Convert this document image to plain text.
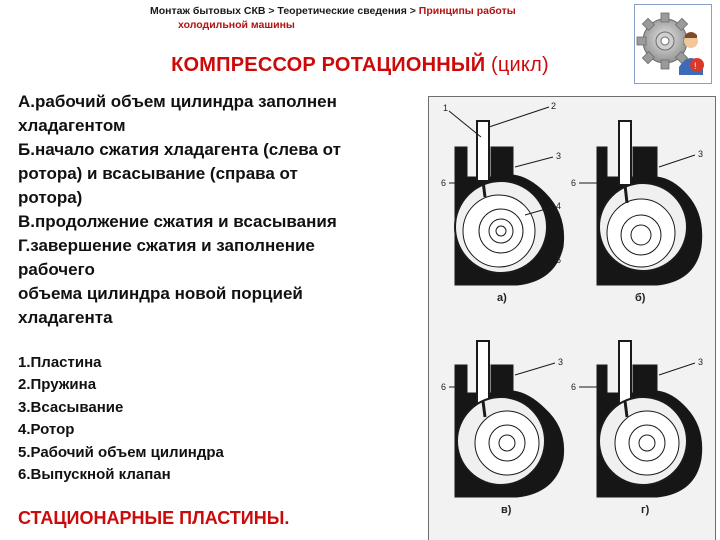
Монтаж бытовых СКВ > Теоретические сведения > Принципы работы
холодильной машины
!
КОМПРЕССОР РОТАЦИОННЫЙ (цикл)
А.рабочий объем цилиндра заполнен
хладагентом
Б.начало сжатия хладагента (слева от
ротора) и всасывание (справа от
ротора)
В.продолжение сжатия и всасывания
Г.завершение сжатия и заполнение
рабочего
объема цилиндра новой порцией
хладагента
1.Пластина
2.Пружина
3.Всасывание
4.Ротор
5.Рабочий объем цилиндра
6.Выпускной клапан
СТАЦИОНАРНЫЕ ПЛАСТИНЫ.
1	2
3
4
5
6
3
6
3
6
3
6
а)	б)
в)	г)
